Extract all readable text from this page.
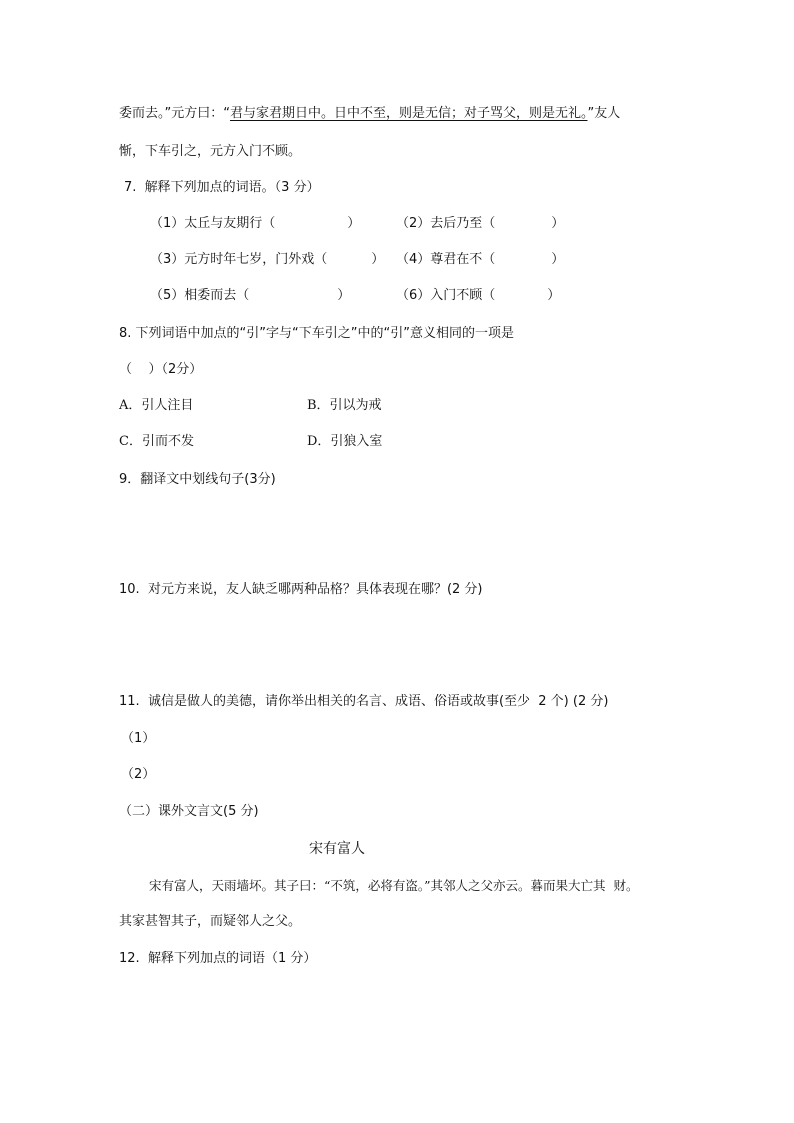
委而去。”元方曰：“君与家君期日中。日中不至，则是无信；对子骂父，则是无礼。”友人
惭，下车引之，元方入门不顾。
7.  解释下列加点的词语。（3 分）
（1）太丘与友期行（	）	（2）去后乃至（	）
（3）元方时年七岁，门外戏（	） （4）尊君在不（	）
（5）相委而去（	）	（6）入门不顾（	）
8. 下列词语中加点的“引”字与“下车引之”中的“引”意义相同的一项是
（    ）（2分）
A．引人注目	B．引以为戒
C．引而不发	D．引狼入室
9．翻译文中划线句子(3分)
10.  对元方来说，友人缺乏哪两种品格？具体表现在哪？(2 分)
11.  诚信是做人的美德，请你举出相关的名言、成语、俗语或故事(至少  2 个) (2 分)
（1）
（2）
（二）课外文言文(5 分)
宋有富人
宋有富人，天雨墙坏。其子曰：“不筑，必将有盗。”其邻人之父亦云。暮而果大亡其  财。
其家甚智其子，而疑邻人之父。
12.  解释下列加点的词语（1 分）
